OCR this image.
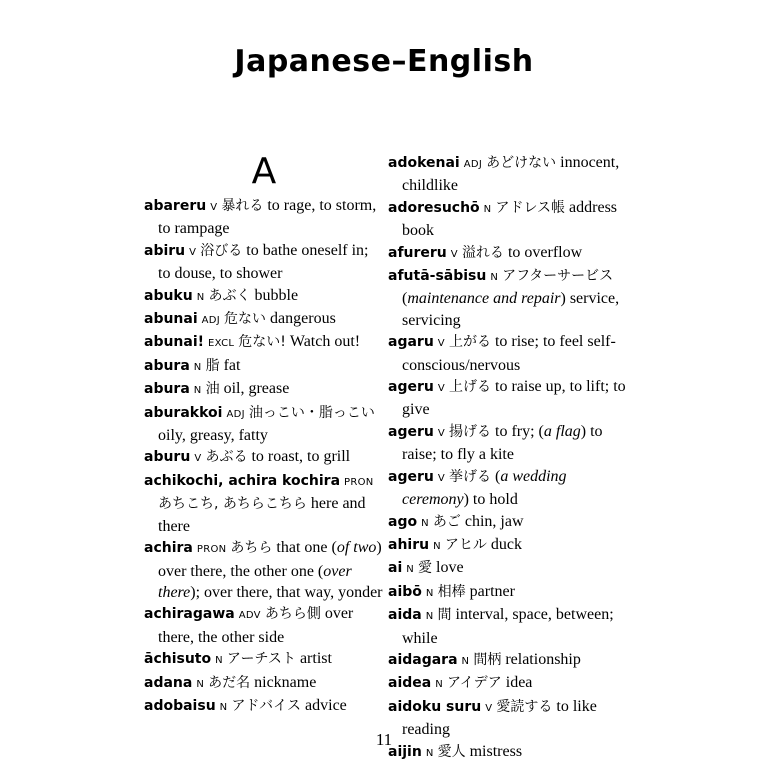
Japanese–English
A
abareru V 暴れる to rage, to storm, to rampage
abiru V 浴びる to bathe oneself in; to douse, to shower
abuku N あぶく bubble
abunai ADJ 危ない dangerous
abunai! EXCL 危ない! Watch out!
abura N 脂 fat
abura N 油 oil, grease
aburakkoi ADJ 油っこい・脂っこい oily, greasy, fatty
aburu V あぶる to roast, to grill
achikochi, achira kochira PRON あちこち, あちらこちら here and there
achira PRON あちら that one (of two) over there, the other one (over there); over there, that way, yonder
achiragawa ADV あちら側 over there, the other side
āchisuto N アーチスト artist
adana N あだ名 nickname
adobaisu N アドバイス advice
adokenai ADJ あどけない innocent, childlike
adoresuchō N アドレス帳 address book
afureru V 溢れる to overflow
afutā-sābisu N アフターサービス (maintenance and repair) service, servicing
agaru V 上がる to rise; to feel self-conscious/nervous
ageru V 上げる to raise up, to lift; to give
ageru V 揚げる to fry; (a flag) to raise; to fly a kite
ageru V 挙げる (a wedding ceremony) to hold
ago N あご chin, jaw
ahiru N アヒル duck
ai N 愛 love
aibō N 相棒 partner
aida N 間 interval, space, between; while
aidagara N 間柄 relationship
aidea N アイデア idea
aidoku suru V 愛読する to like reading
aijin N 愛人 mistress
11
